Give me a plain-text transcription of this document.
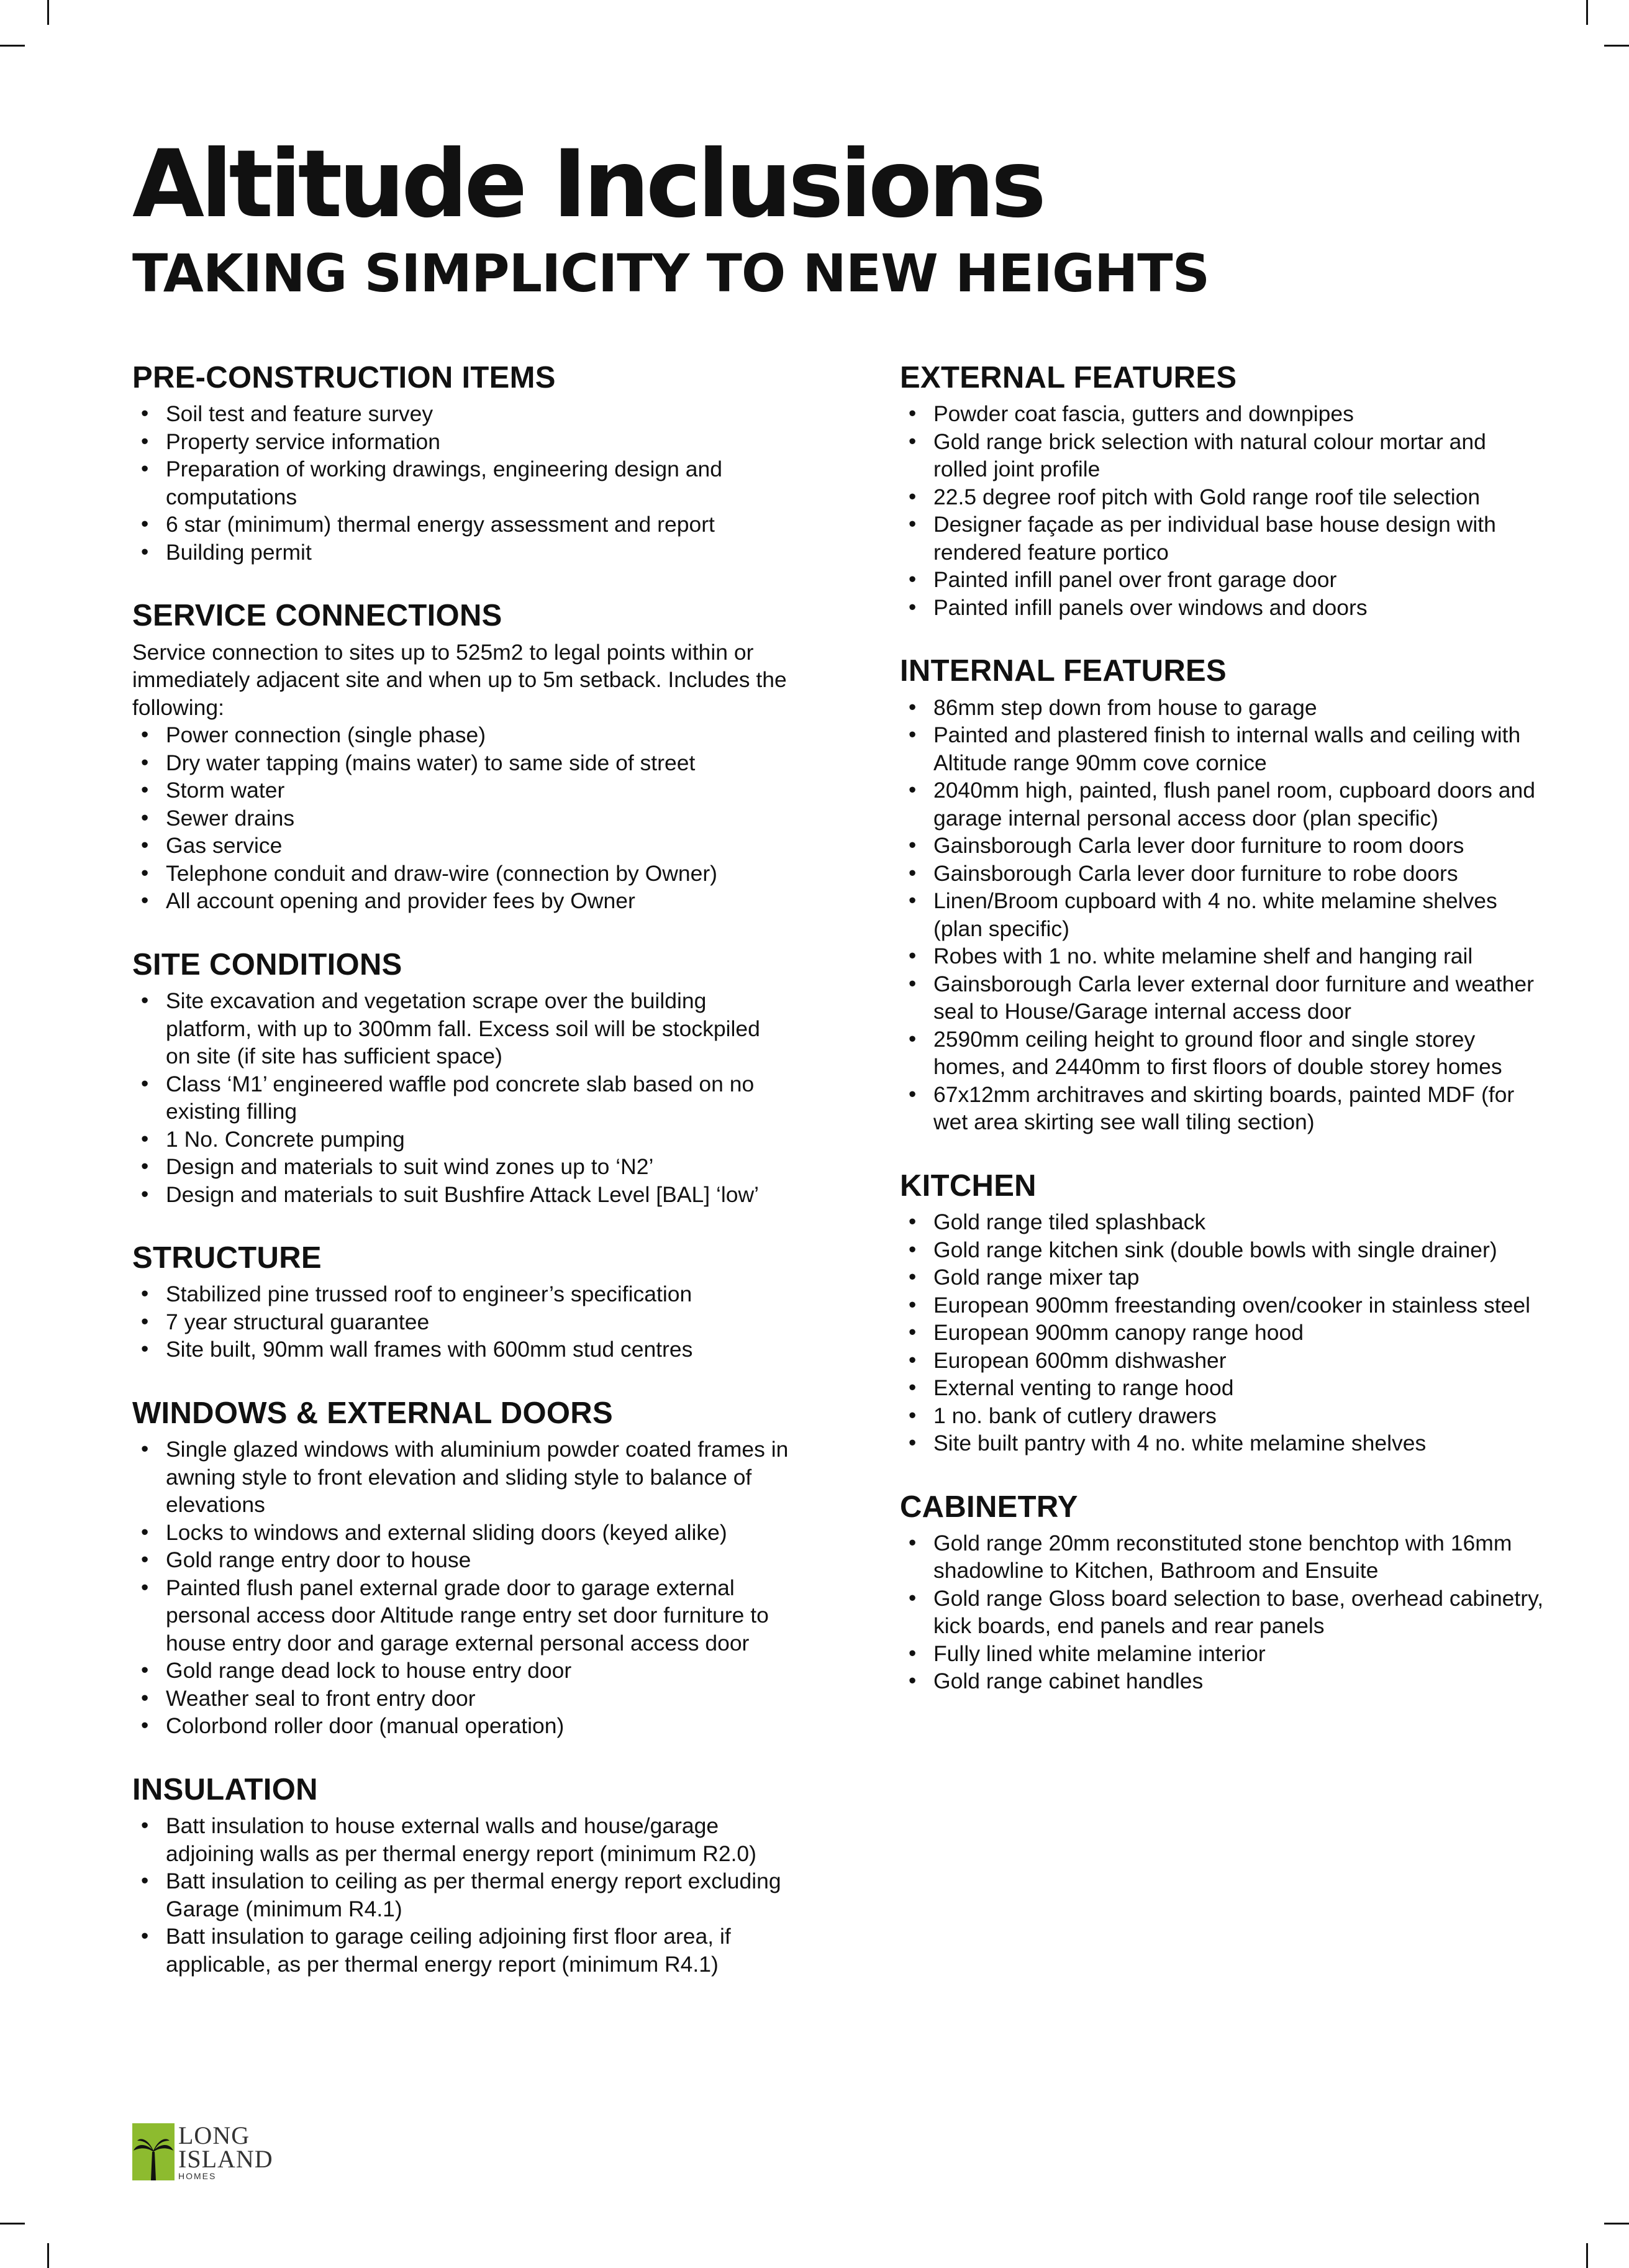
Altitude Inclusions
TAKING SIMPLICITY TO NEW HEIGHTS
PRE-CONSTRUCTION ITEMS
• Soil test and feature survey
• Property service information
• Preparation of working drawings, engineering design and computations
• 6 star (minimum) thermal energy assessment and report
• Building permit
SERVICE CONNECTIONS

Service connection to sites up to 525m2 to legal points within or immediately adjacent site and when up to 5m setback. Includes the following:

• Power connection (single phase)
• Dry water tapping (mains water) to same side of street
• Storm water
• Sewer drains
• Gas service
• Telephone conduit and draw-wire (connection by Owner)
• All account opening and provider fees by Owner
SITE CONDITIONS
• Site excavation and vegetation scrape over the building platform, with up to 300mm fall. Excess soil will be stockpiled on site (if site has sufficient space)
• Class ‘M1’ engineered waffle pod concrete slab based on no existing filling
• 1 No. Concrete pumping
• Design and materials to suit wind zones up to ‘N2’
• Design and materials to suit Bushfire Attack Level [BAL] ‘low’
STRUCTURE
• Stabilized pine trussed roof to engineer’s specification
• 7 year structural guarantee
• Site built, 90mm wall frames with 600mm stud centres
WINDOWS & EXTERNAL DOORS
• Single glazed windows with aluminium powder coated frames in awning style to front elevation and sliding style to balance of elevations
• Locks to windows and external sliding doors (keyed alike)
• Gold range entry door to house
• Painted flush panel external grade door to garage external personal access door Altitude range entry set door furniture to house entry door and garage external personal access door
• Gold range dead lock to house entry door
• Weather seal to front entry door
• Colorbond roller door (manual operation)
INSULATION
• Batt insulation to house external walls and house/garage adjoining walls as per thermal energy report (minimum R2.0)
• Batt insulation to ceiling as per thermal energy report excluding Garage (minimum R4.1)
• Batt insulation to garage ceiling adjoining first floor area, if applicable, as per thermal energy report (minimum R4.1)
EXTERNAL FEATURES
• Powder coat fascia, gutters and downpipes
• Gold range brick selection with natural colour mortar and rolled joint profile
• 22.5 degree roof pitch with Gold range roof tile selection
• Designer façade as per individual base house design with rendered feature portico
• Painted infill panel over front garage door
• Painted infill panels over windows and doors
INTERNAL FEATURES
• 86mm step down from house to garage
• Painted and plastered finish to internal walls and ceiling with Altitude range 90mm cove cornice
• 2040mm high, painted, flush panel room, cupboard doors and garage internal personal access door (plan specific)
• Gainsborough Carla lever door furniture to room doors
• Gainsborough Carla lever door furniture to robe doors
• Linen/Broom cupboard with 4 no. white melamine shelves (plan specific)
• Robes with 1 no. white melamine shelf and hanging rail
• Gainsborough Carla lever external door furniture and weather seal to House/Garage internal access door
• 2590mm ceiling height to ground floor and single storey homes, and 2440mm to first floors of double storey homes
• 67x12mm architraves and skirting boards, painted MDF (for wet area skirting see wall tiling section)
KITCHEN
• Gold range tiled splashback
• Gold range kitchen sink (double bowls with single drainer)
• Gold range mixer tap
• European 900mm freestanding oven/cooker in stainless steel
• European 900mm canopy range hood
• European 600mm dishwasher
• External venting to range hood
• 1 no. bank of cutlery drawers
• Site built pantry with 4 no. white melamine shelves
CABINETRY
• Gold range 20mm reconstituted stone benchtop with 16mm shadowline to Kitchen, Bathroom and Ensuite
• Gold range Gloss board selection to base, overhead cabinetry, kick boards, end panels and rear panels
• Fully lined white melamine interior
• Gold range cabinet handles
LONG
ISLAND
HOMES
